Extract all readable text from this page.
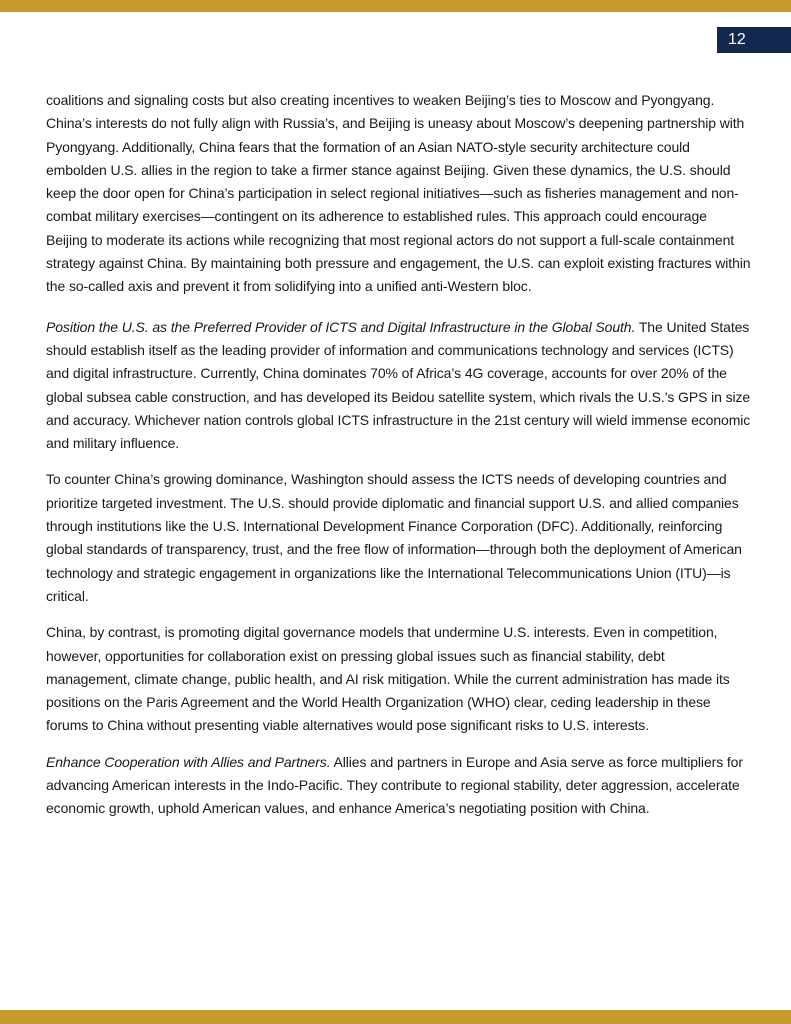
12

coalitions and signaling costs but also creating incentives to weaken Beijing’s ties to Moscow and Pyongyang. China’s interests do not fully align with Russia’s, and Beijing is uneasy about Moscow’s deepening partnership with Pyongyang. Additionally, China fears that the formation of an Asian NATO-style security architecture could embolden U.S. allies in the region to take a firmer stance against Beijing. Given these dynamics, the U.S. should keep the door open for China’s participation in select regional initiatives—such as fisheries management and non-combat military exercises—contingent on its adherence to established rules. This approach could encourage Beijing to moderate its actions while recognizing that most regional actors do not support a full-scale containment strategy against China. By maintaining both pressure and engagement, the U.S. can exploit existing fractures within the so-called axis and prevent it from solidifying into a unified anti-Western bloc.

Position the U.S. as the Preferred Provider of ICTS and Digital Infrastructure in the Global South. The United States should establish itself as the leading provider of information and communications technology and services (ICTS) and digital infrastructure. Currently, China dominates 70% of Africa’s 4G coverage, accounts for over 20% of the global subsea cable construction, and has developed its Beidou satellite system, which rivals the U.S.’s GPS in size and accuracy. Whichever nation controls global ICTS infrastructure in the 21st century will wield immense economic and military influence.

To counter China’s growing dominance, Washington should assess the ICTS needs of developing countries and prioritize targeted investment. The U.S. should provide diplomatic and financial support U.S. and allied companies through institutions like the U.S. International Development Finance Corporation (DFC). Additionally, reinforcing global standards of transparency, trust, and the free flow of information—through both the deployment of American technology and strategic engagement in organizations like the International Telecommunications Union (ITU)—is critical.

China, by contrast, is promoting digital governance models that undermine U.S. interests. Even in competition, however, opportunities for collaboration exist on pressing global issues such as financial stability, debt management, climate change, public health, and AI risk mitigation. While the current administration has made its positions on the Paris Agreement and the World Health Organization (WHO) clear, ceding leadership in these forums to China without presenting viable alternatives would pose significant risks to U.S. interests.

Enhance Cooperation with Allies and Partners. Allies and partners in Europe and Asia serve as force multipliers for advancing American interests in the Indo-Pacific. They contribute to regional stability, deter aggression, accelerate economic growth, uphold American values, and enhance America’s negotiating position with China.
